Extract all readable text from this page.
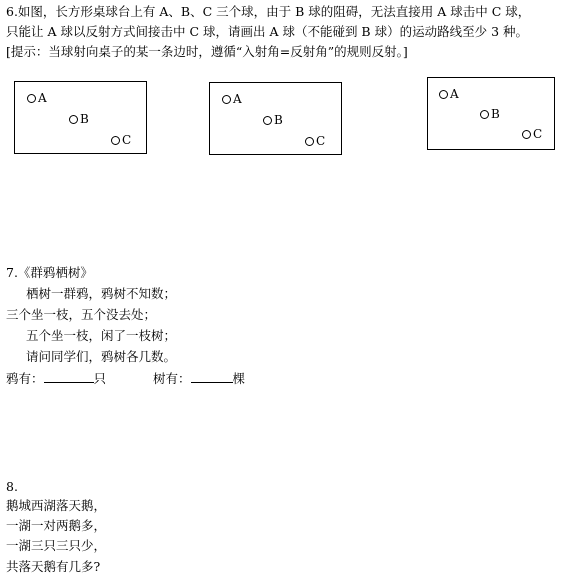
6.如图，长方形桌球台上有 A、B、C 三个球，由于 B 球的阻碍，无法直接用 A 球击中 C 球，
只能让 A 球以反射方式间接击中 C 球，请画出 A 球（不能碰到 B 球）的运动路线至少 3 种。
[提示：当球射向桌子的某一条边时，遵循“入射角=反射角”的规则反射。]
A
B
C
A
B
C
A
B
C
7.《群鸦栖树》
栖树一群鸦，鸦树不知数；
三个坐一枝，五个没去处；
五个坐一枝，闲了一枝树；
请问同学们，鸦树各几数。
鸦有：	只	树有：	棵
8.
鹅城西湖落天鹅，
一湖一对两鹅多，
一湖三只三只少，
共落天鹅有几多?
